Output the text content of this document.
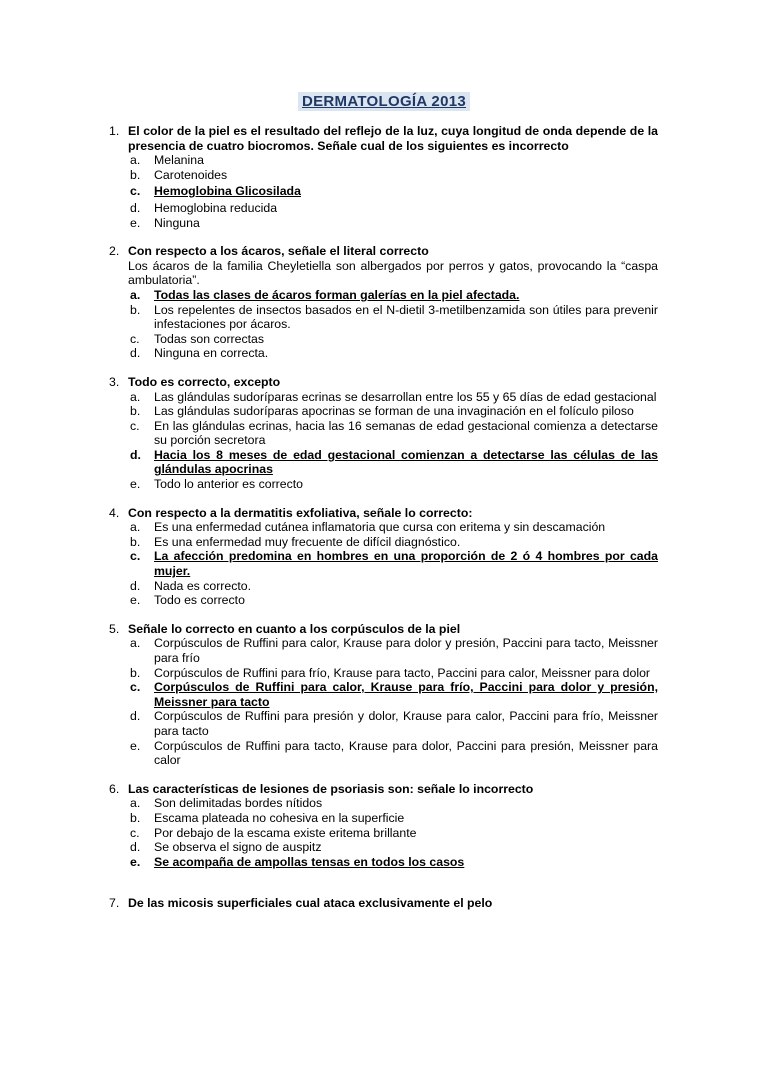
DERMATOLOGÍA 2013
1. El color de la piel es el resultado del reflejo de la luz, cuya longitud de onda depende de la presencia de cuatro biocromos. Señale cual de los siguientes es incorrecto
a. Melanina
b. Carotenoides
c. Hemoglobina Glicosilada
d. Hemoglobina reducida
e. Ninguna
2. Con respecto a los ácaros, señale el literal correcto
Los ácaros de la familia Cheyletiella son albergados por perros y gatos, provocando la “caspa ambulatoria”.
a. Todas las clases de ácaros forman galerías en la piel afectada.
b. Los repelentes de insectos basados en el N-dietil 3-metilbenzamida son útiles para prevenir infestaciones por ácaros.
c. Todas son correctas
d. Ninguna en correcta.
3. Todo es correcto, excepto
a. Las glándulas sudoríparas ecrinas se desarrollan entre los 55 y 65 días de edad gestacional
b. Las glándulas sudoríparas apocrinas se forman de una invaginación en el folículo piloso
c. En las glándulas ecrinas, hacia las 16 semanas de edad gestacional comienza a detectarse su porción secretora
d. Hacia los 8 meses de edad gestacional comienzan a detectarse las células de las glándulas apocrinas
e. Todo lo anterior es correcto
4. Con respecto a la dermatitis exfoliativa, señale lo correcto:
a. Es una enfermedad cutánea inflamatoria que cursa con eritema y sin descamación
b. Es una enfermedad muy frecuente de difícil diagnóstico.
c. La afección predomina en hombres en una proporción de 2 ó 4 hombres por cada mujer.
d. Nada es correcto.
e. Todo es correcto
5. Señale lo correcto en cuanto a los corpúsculos de la piel
a. Corpúsculos de Ruffini para calor, Krause para dolor y presión, Paccini para tacto, Meissner para frío
b. Corpúsculos de Ruffini para frío, Krause para tacto, Paccini para calor, Meissner para dolor
c. Corpúsculos de Ruffini para calor, Krause para frío, Paccini para dolor y presión, Meissner para tacto
d. Corpúsculos de Ruffini para presión y dolor, Krause para calor, Paccini para frío, Meissner para tacto
e. Corpúsculos de Ruffini para tacto, Krause para dolor, Paccini para presión, Meissner para calor
6. Las características de lesiones de psoriasis son: señale lo incorrecto
a. Son delimitadas bordes nítidos
b. Escama plateada no cohesiva en la superficie
c. Por debajo de la escama existe eritema brillante
d. Se observa el signo de auspitz
e. Se acompaña de ampollas tensas en todos los casos
7. De las micosis superficiales cual ataca exclusivamente el pelo
